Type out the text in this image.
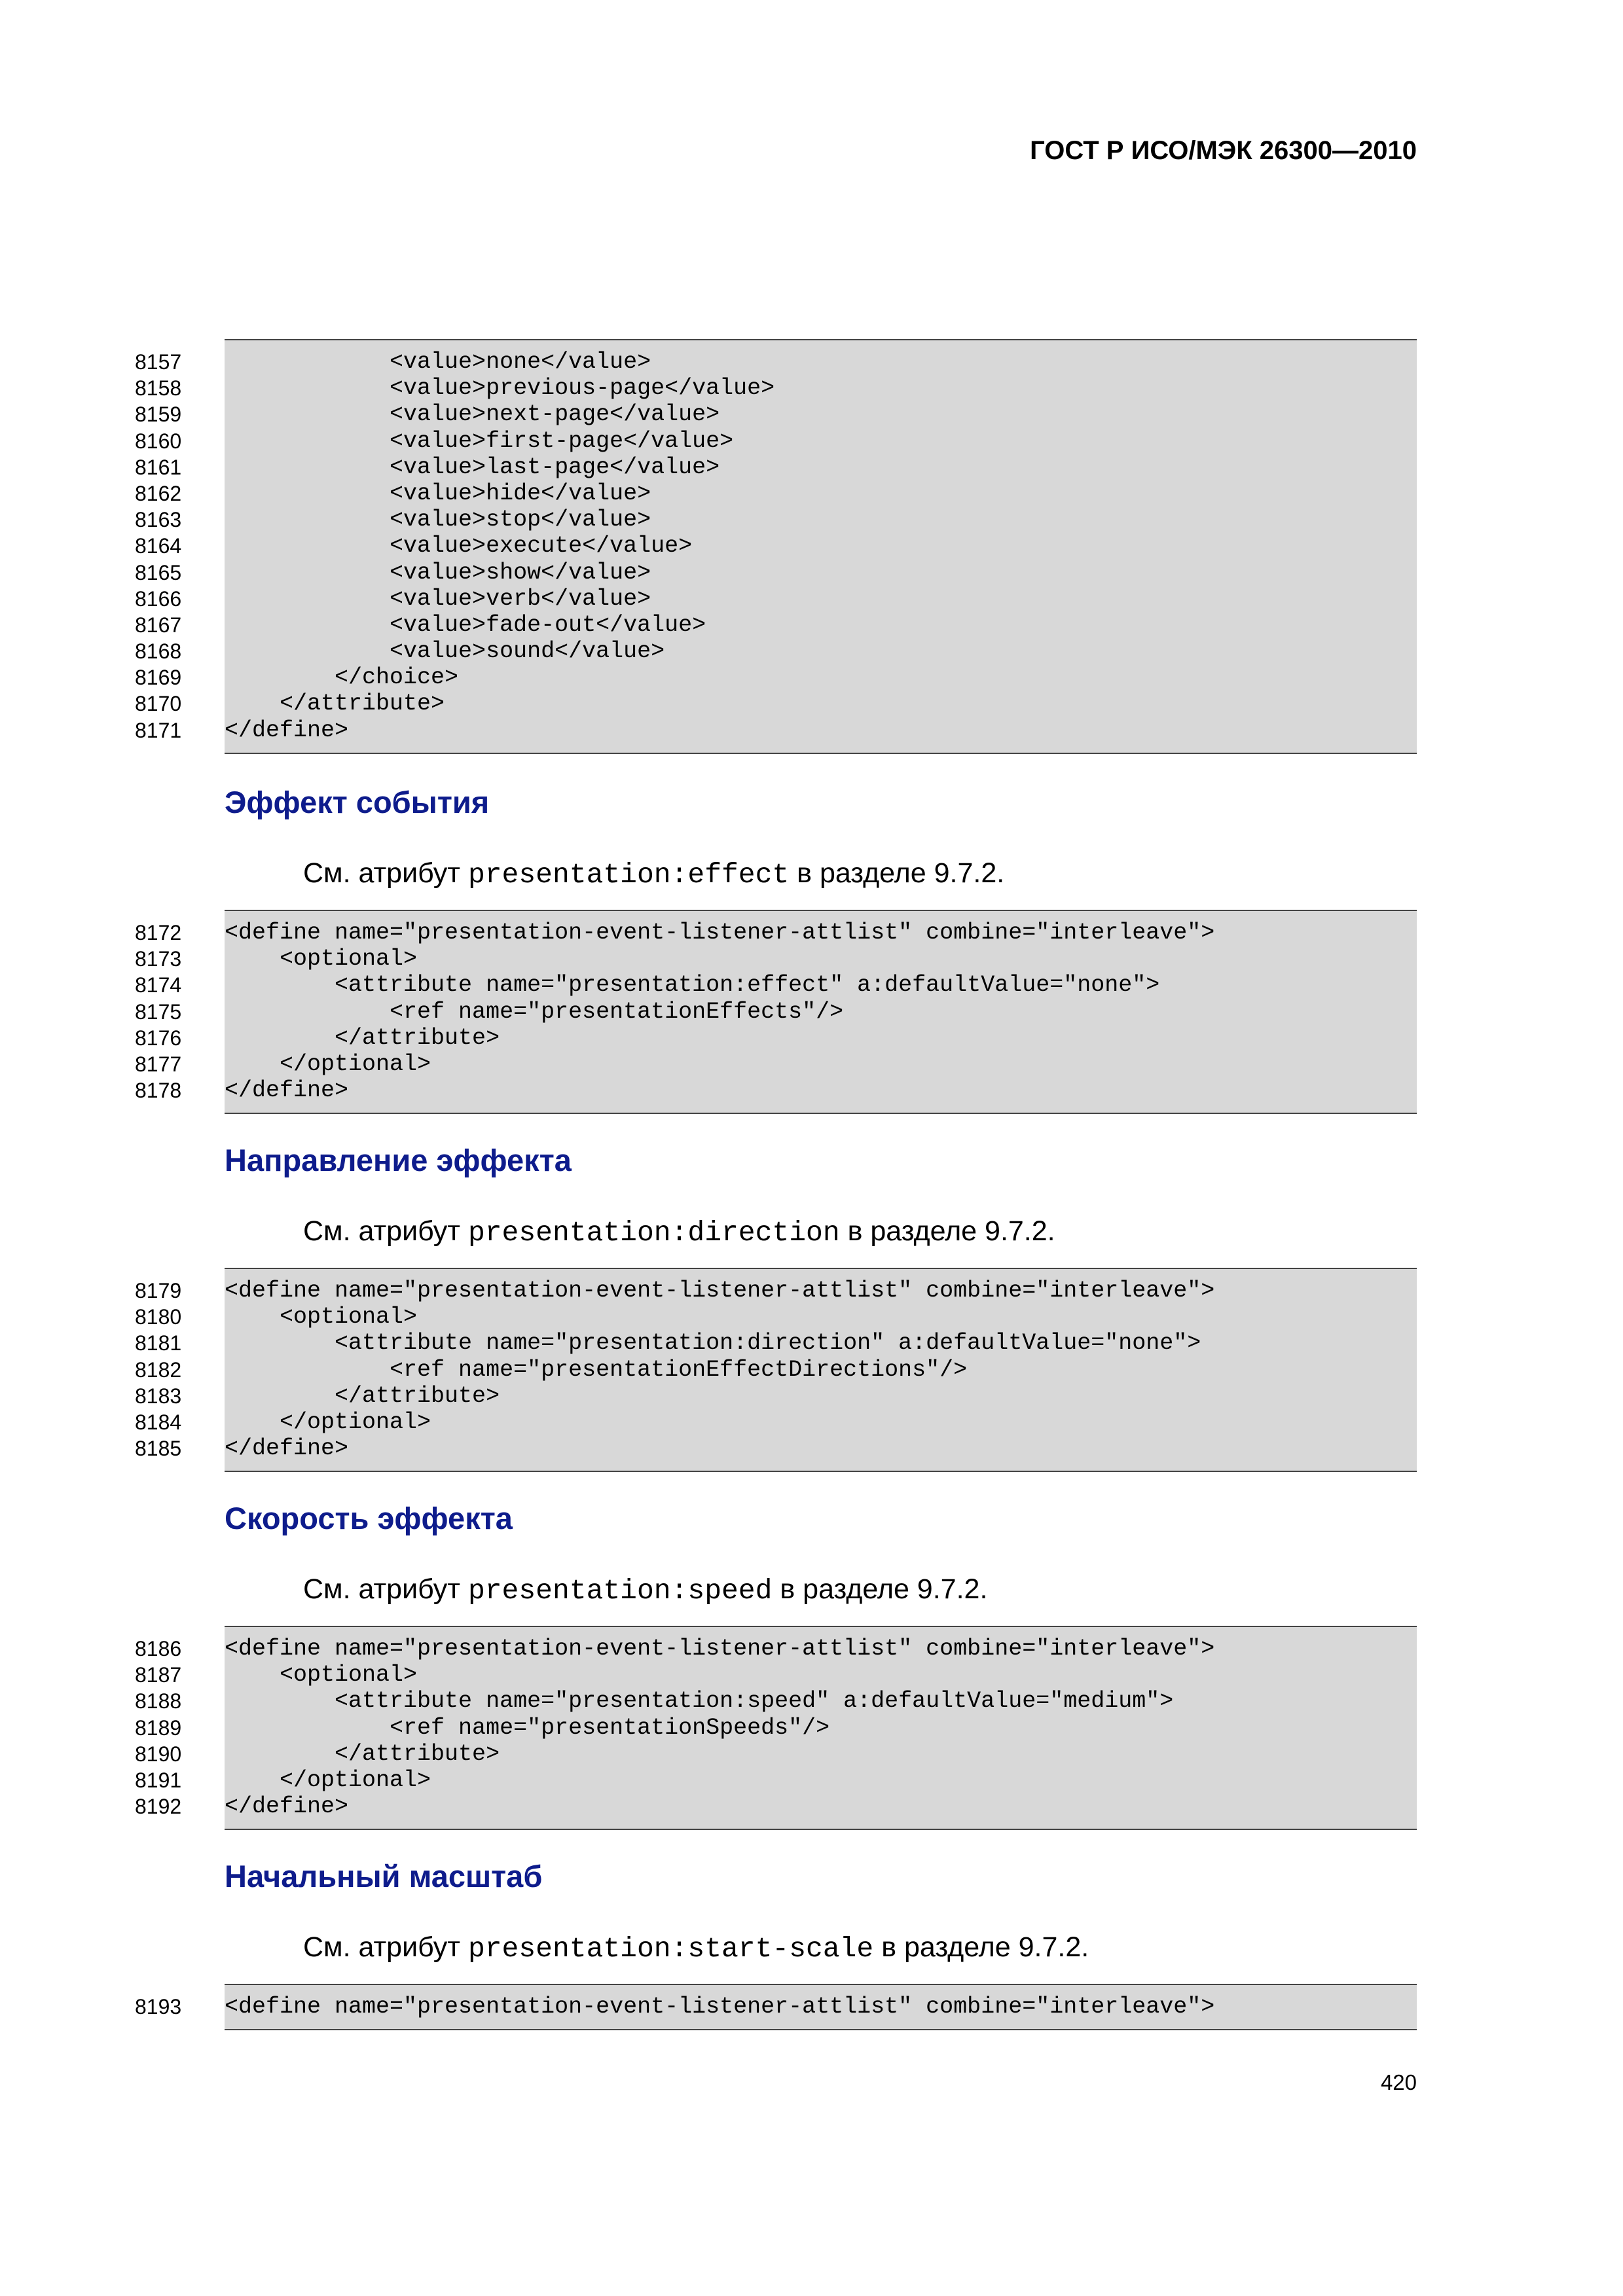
ГОСТ Р ИСО/МЭК 26300—2010
8157	<value>none</value>
8158	<value>previous-page</value>
8159	<value>next-page</value>
8160	<value>first-page</value>
8161	<value>last-page</value>
8162	<value>hide</value>
8163	<value>stop</value>
8164	<value>execute</value>
8165	<value>show</value>
8166	<value>verb</value>
8167	<value>fade-out</value>
8168	<value>sound</value>
8169	</choice>
8170	</attribute>
8171	</define>
Эффект события
См. атрибут presentation:effect в разделе 9.7.2.
8172	<define name="presentation-event-listener-attlist" combine="interleave">
8173	<optional>
8174	<attribute name="presentation:effect" a:defaultValue="none">
8175	<ref name="presentationEffects"/>
8176	</attribute>
8177	</optional>
8178	</define>
Направление эффекта
См. атрибут presentation:direction в разделе 9.7.2.
8179	<define name="presentation-event-listener-attlist" combine="interleave">
8180	<optional>
8181	<attribute name="presentation:direction" a:defaultValue="none">
8182	<ref name="presentationEffectDirections"/>
8183	</attribute>
8184	</optional>
8185	</define>
Скорость эффекта
См. атрибут presentation:speed в разделе 9.7.2.
8186	<define name="presentation-event-listener-attlist" combine="interleave">
8187	<optional>
8188	<attribute name="presentation:speed" a:defaultValue="medium">
8189	<ref name="presentationSpeeds"/>
8190	</attribute>
8191	</optional>
8192	</define>
Начальный масштаб
См. атрибут presentation:start-scale в разделе 9.7.2.
8193	<define name="presentation-event-listener-attlist" combine="interleave">
420
